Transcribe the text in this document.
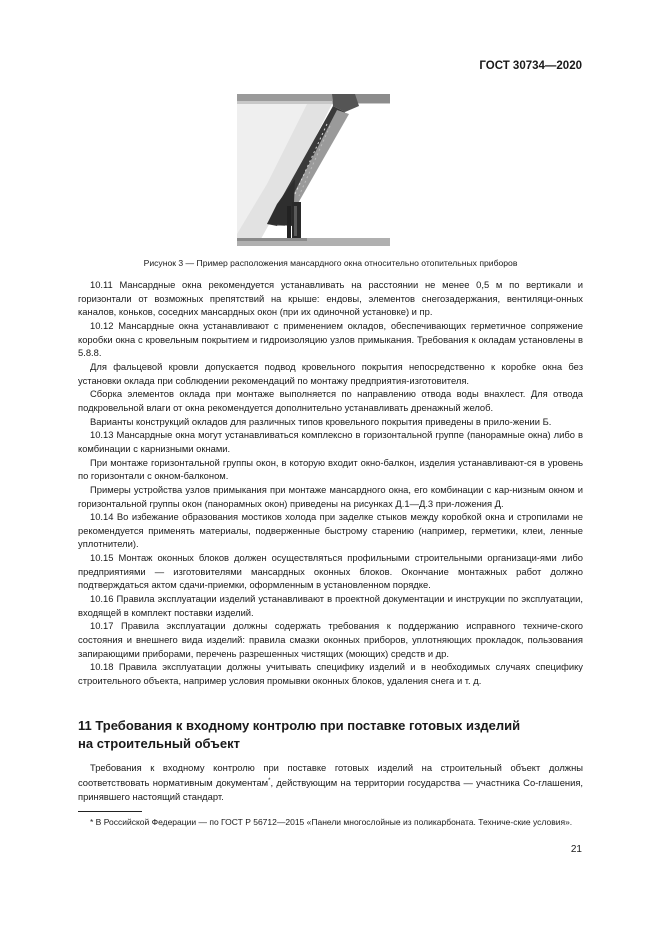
ГОСТ 30734—2020
Рисунок 3 — Пример расположения мансардного окна относительно отопительных приборов

10.11 Мансардные окна рекомендуется устанавливать на расстоянии не менее 0,5 м по вертикали и горизонтали от возможных препятствий на крыше: ендовы, элементов снегозадержания, вентиляци-онных каналов, коньков, соседних мансардных окон (при их одиночной установке) и пр.

10.12 Мансардные окна устанавливают с применением окладов, обеспечивающих герметичное сопряжение коробки окна с кровельным покрытием и гидроизоляцию узлов примыкания. Требования к окладам установлены в 5.8.8.

Для фальцевой кровли допускается подвод кровельного покрытия непосредственно к коробке окна без установки оклада при соблюдении рекомендаций по монтажу предприятия-изготовителя.

Сборка элементов оклада при монтаже выполняется по направлению отвода воды внахлест. Для отвода подкровельной влаги от окна рекомендуется дополнительно устанавливать дренажный желоб.

Варианты конструкций окладов для различных типов кровельного покрытия приведены в прило-жении Б.

10.13 Мансардные окна могут устанавливаться комплексно в горизонтальной группе (панорамные окна) либо в комбинации с карнизными окнами.

При монтаже горизонтальной группы окон, в которую входит окно-балкон, изделия устанавливают-ся в уровень по горизонтали с окном-балконом.

Примеры устройства узлов примыкания при монтаже мансардного окна, его комбинации с кар-низным окном и горизонтальной группы окон (панорамных окон) приведены на рисунках Д.1—Д.3 при-ложения Д.

10.14 Во избежание образования мостиков холода при заделке стыков между коробкой окна и стропилами не рекомендуется применять материалы, подверженные быстрому старению (например, герметики, клеи, ленные уплотнители).

10.15 Монтаж оконных блоков должен осуществляться профильными строительными организаци-ями либо предприятиями — изготовителями мансардных оконных блоков. Окончание монтажных работ должно подтверждаться актом сдачи-приемки, оформленным в установленном порядке.

10.16 Правила эксплуатации изделий устанавливают в проектной документации и инструкции по эксплуатации, входящей в комплект поставки изделий.

10.17 Правила эксплуатации должны содержать требования к поддержанию исправного техниче-ского состояния и внешнего вида изделий: правила смазки оконных приборов, уплотняющих прокладок, пользования запирающими приборами, перечень разрешенных чистящих (моющих) средств и др.

10.18 Правила эксплуатации должны учитывать специфику изделий и в необходимых случаях специфику строительного объекта, например условия промывки оконных блоков, удаления снега и т. д.

11 Требования к входному контролю при поставке готовых изделий
на строительный объект
Требования к входному контролю при поставке готовых изделий на строительный объект должны соответствовать нормативным документам*, действующим на территории государства — участника Со-глашения, принявшего настоящий стандарт.
* В Российской Федерации — по ГОСТ Р 56712—2015 «Панели многослойные из поликарбоната. Техниче-ские условия».
21
